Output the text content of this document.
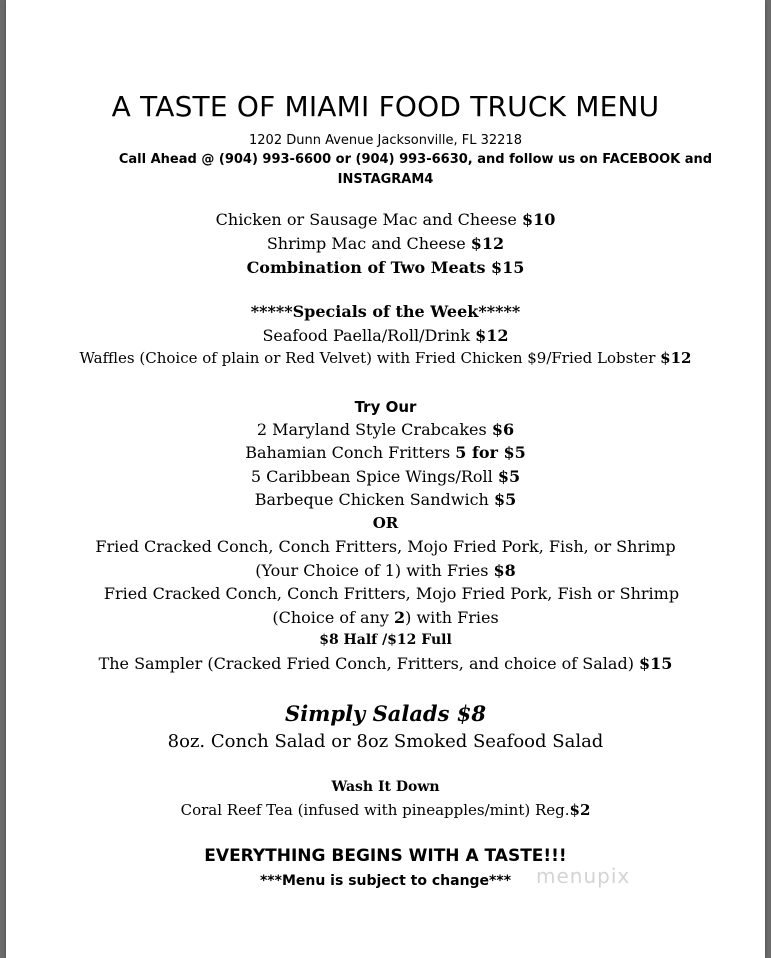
A TASTE OF MIAMI FOOD TRUCK MENU
1202 Dunn Avenue Jacksonville, FL 32218
Call Ahead @ (904) 993-6600 or (904) 993-6630, and follow us on FACEBOOK and
INSTAGRAM4
Chicken or Sausage Mac and Cheese $10
Shrimp Mac and Cheese $12
Combination of Two Meats $15
*****Specials of the Week*****
Seafood Paella/Roll/Drink $12
Waffles (Choice of plain or Red Velvet) with Fried Chicken $9/Fried Lobster $12
Try Our
2 Maryland Style Crabcakes $6
Bahamian Conch Fritters 5 for $5
5 Caribbean Spice Wings/Roll $5
Barbeque Chicken Sandwich $5
OR
Fried Cracked Conch, Conch Fritters, Mojo Fried Pork, Fish, or Shrimp
(Your Choice of 1) with Fries $8
Fried Cracked Conch, Conch Fritters, Mojo Fried Pork, Fish or Shrimp
(Choice of any 2) with Fries
$8 Half /$12 Full
The Sampler (Cracked Fried Conch, Fritters, and choice of Salad) $15
Simply Salads $8
8oz. Conch Salad or 8oz Smoked Seafood Salad
Wash It Down
Coral Reef Tea (infused with pineapples/mint) Reg.$2
EVERYTHING BEGINS WITH A TASTE!!!
***Menu is subject to change***	menupix
